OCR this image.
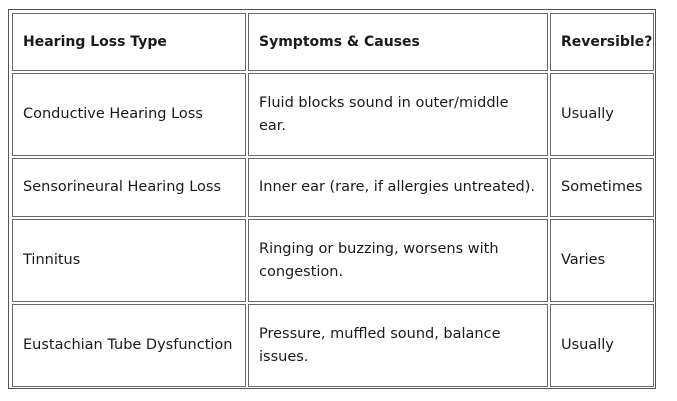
Hearing Loss Type	Symptoms & Causes	Reversible?
Conductive Hearing Loss	Fluid blocks sound in outer/middle ear.	Usually
Sensorineural Hearing Loss	Inner ear (rare, if allergies untreated).	Sometimes
Tinnitus	Ringing or buzzing, worsens with congestion.	Varies
Eustachian Tube Dysfunction	Pressure, muffled sound, balance issues.	Usually
